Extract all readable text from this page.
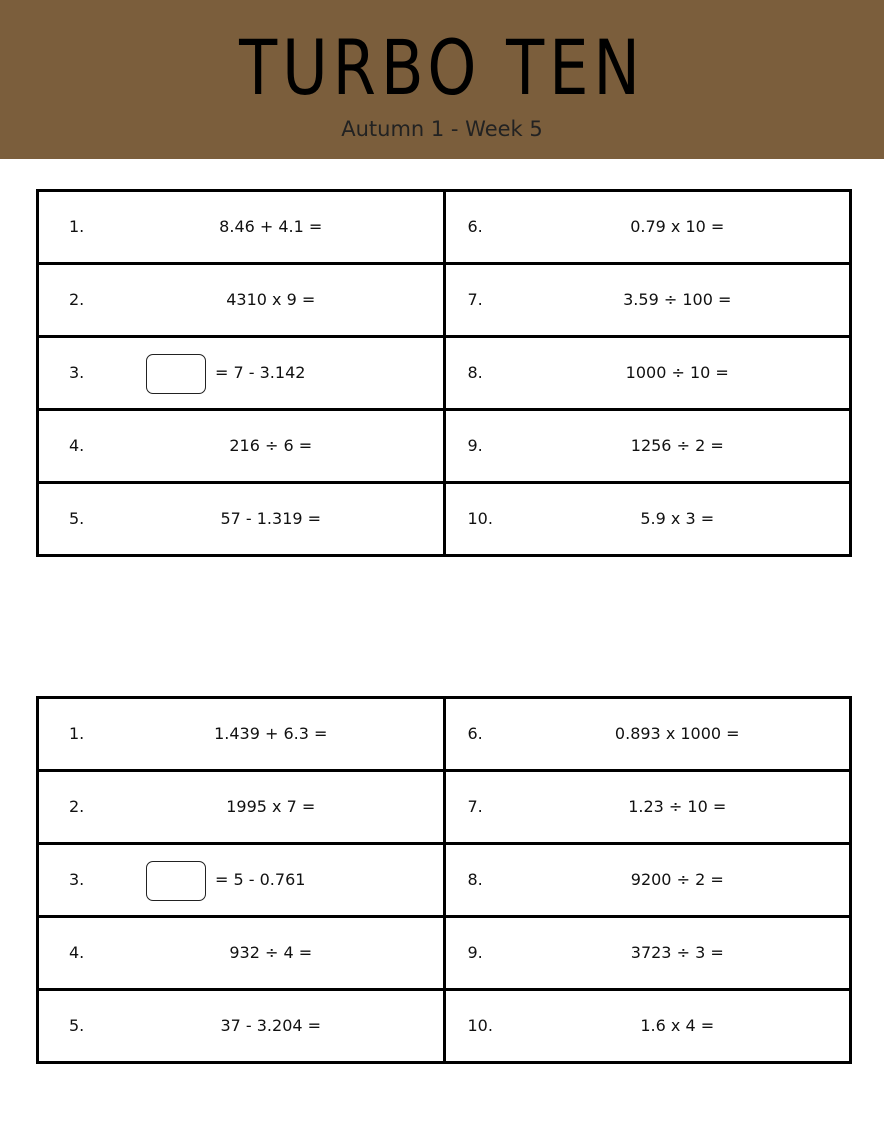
TURBO TEN
Autumn 1 - Week 5
1. 8.46 + 4.1 =	6. 0.79 x 10 =

2. 4310 x 9 =	7. 3.59 ÷ 100 =

3. = 7 - 3.142	8. 1000 ÷ 10 =

4. 216 ÷ 6 =	9. 1256 ÷ 2 =

5. 57 - 1.319 =	10. 5.9 x 3 =
1. 1.439 + 6.3 =	6. 0.893 x 1000 =

2. 1995 x 7 =	7. 1.23 ÷ 10 =

3. = 5 - 0.761	8. 9200 ÷ 2 =

4. 932 ÷ 4 =	9. 3723 ÷ 3 =

5. 37 - 3.204 =	10. 1.6 x 4 =
